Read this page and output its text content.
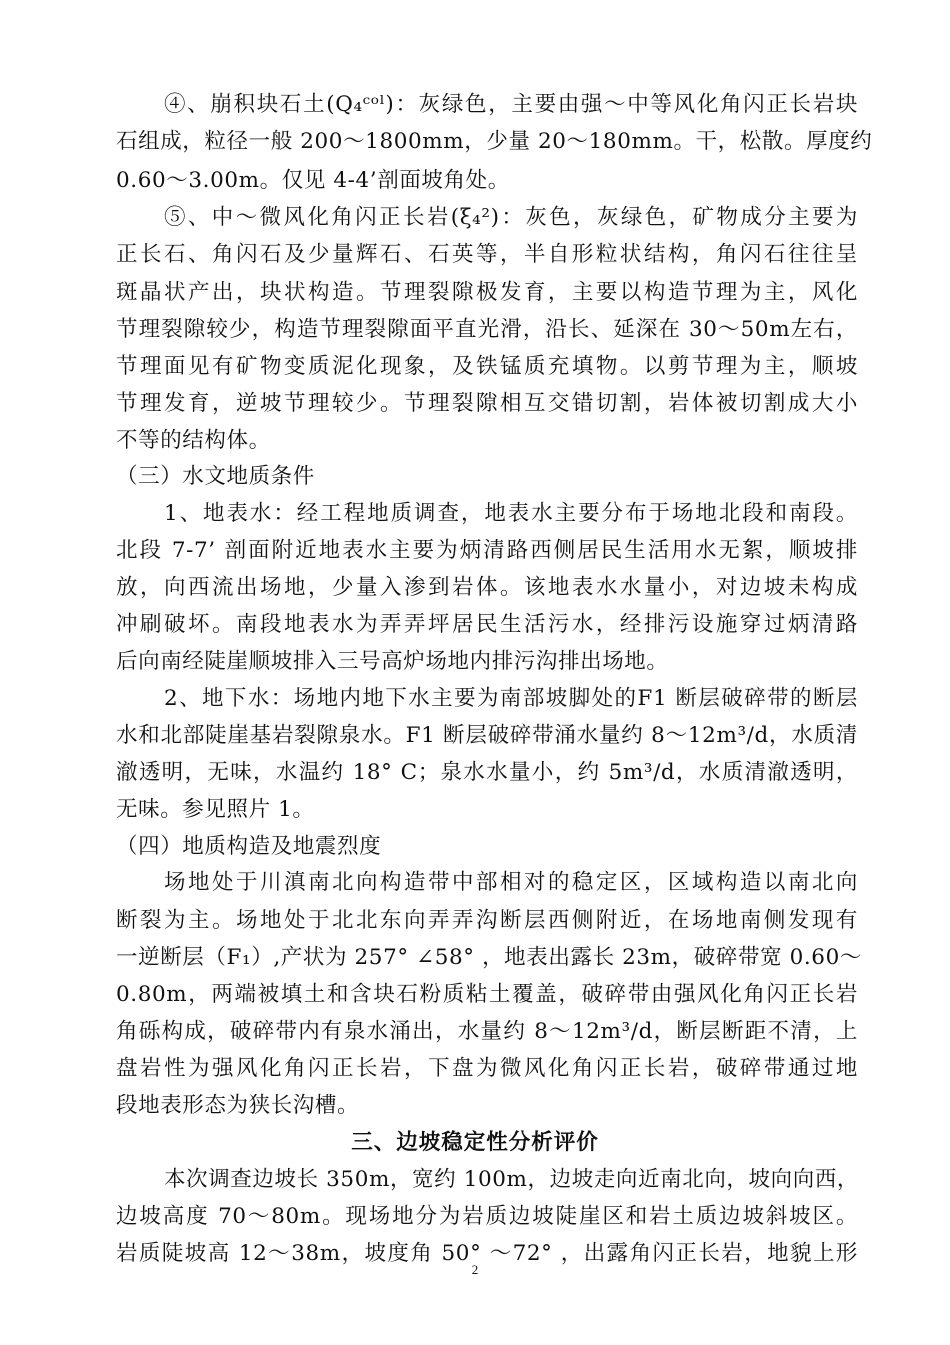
④、崩积块石土(Q₄ᶜᵒˡ)：灰绿色，主要由强～中等风化角闪正长岩块
石组成，粒径一般 200～1800mm，少量 20～180mm。干，松散。厚度约
0.60～3.00m。仅见 4-4’剖面坡角处。
⑤、中～微风化角闪正长岩(ξ₄²)：灰色，灰绿色，矿物成分主要为
正长石、角闪石及少量辉石、石英等，半自形粒状结构，角闪石往往呈
斑晶状产出，块状构造。节理裂隙极发育，主要以构造节理为主，风化
节理裂隙较少，构造节理裂隙面平直光滑，沿长、延深在 30～50m左右，
节理面见有矿物变质泥化现象，及铁锰质充填物。以剪节理为主，顺坡
节理发育，逆坡节理较少。节理裂隙相互交错切割，岩体被切割成大小
不等的结构体。
（三）水文地质条件
1、地表水：经工程地质调查，地表水主要分布于场地北段和南段。
北段 7-7’ 剖面附近地表水主要为炳清路西侧居民生活用水无絮，顺坡排
放，向西流出场地，少量入渗到岩体。该地表水水量小，对边坡未构成
冲刷破坏。南段地表水为弄弄坪居民生活污水，经排污设施穿过炳清路
后向南经陡崖顺坡排入三号高炉场地内排污沟排出场地。
2、地下水：场地内地下水主要为南部坡脚处的F1 断层破碎带的断层
水和北部陡崖基岩裂隙泉水。F1 断层破碎带涌水量约 8～12m³/d，水质清
澈透明，无味，水温约 18° C；泉水水量小，约 5m³/d，水质清澈透明，
无味。参见照片 1。
（四）地质构造及地震烈度
场地处于川滇南北向构造带中部相对的稳定区，区域构造以南北向
断裂为主。场地处于北北东向弄弄沟断层西侧附近，在场地南侧发现有
一逆断层（F₁）,产状为 257° ∠58° ，地表出露长 23m，破碎带宽 0.60～
0.80m，两端被填土和含块石粉质粘土覆盖，破碎带由强风化角闪正长岩
角砾构成，破碎带内有泉水涌出，水量约 8～12m³/d，断层断距不清，上
盘岩性为强风化角闪正长岩，下盘为微风化角闪正长岩，破碎带通过地
段地表形态为狭长沟槽。
三、边坡稳定性分析评价
本次调查边坡长 350m，宽约 100m，边坡走向近南北向，坡向向西，
边坡高度 70～80m。现场地分为岩质边坡陡崖区和岩土质边坡斜坡区。
岩质陡坡高 12～38m，坡度角 50° ～72° ，出露角闪正长岩，地貌上形
2
